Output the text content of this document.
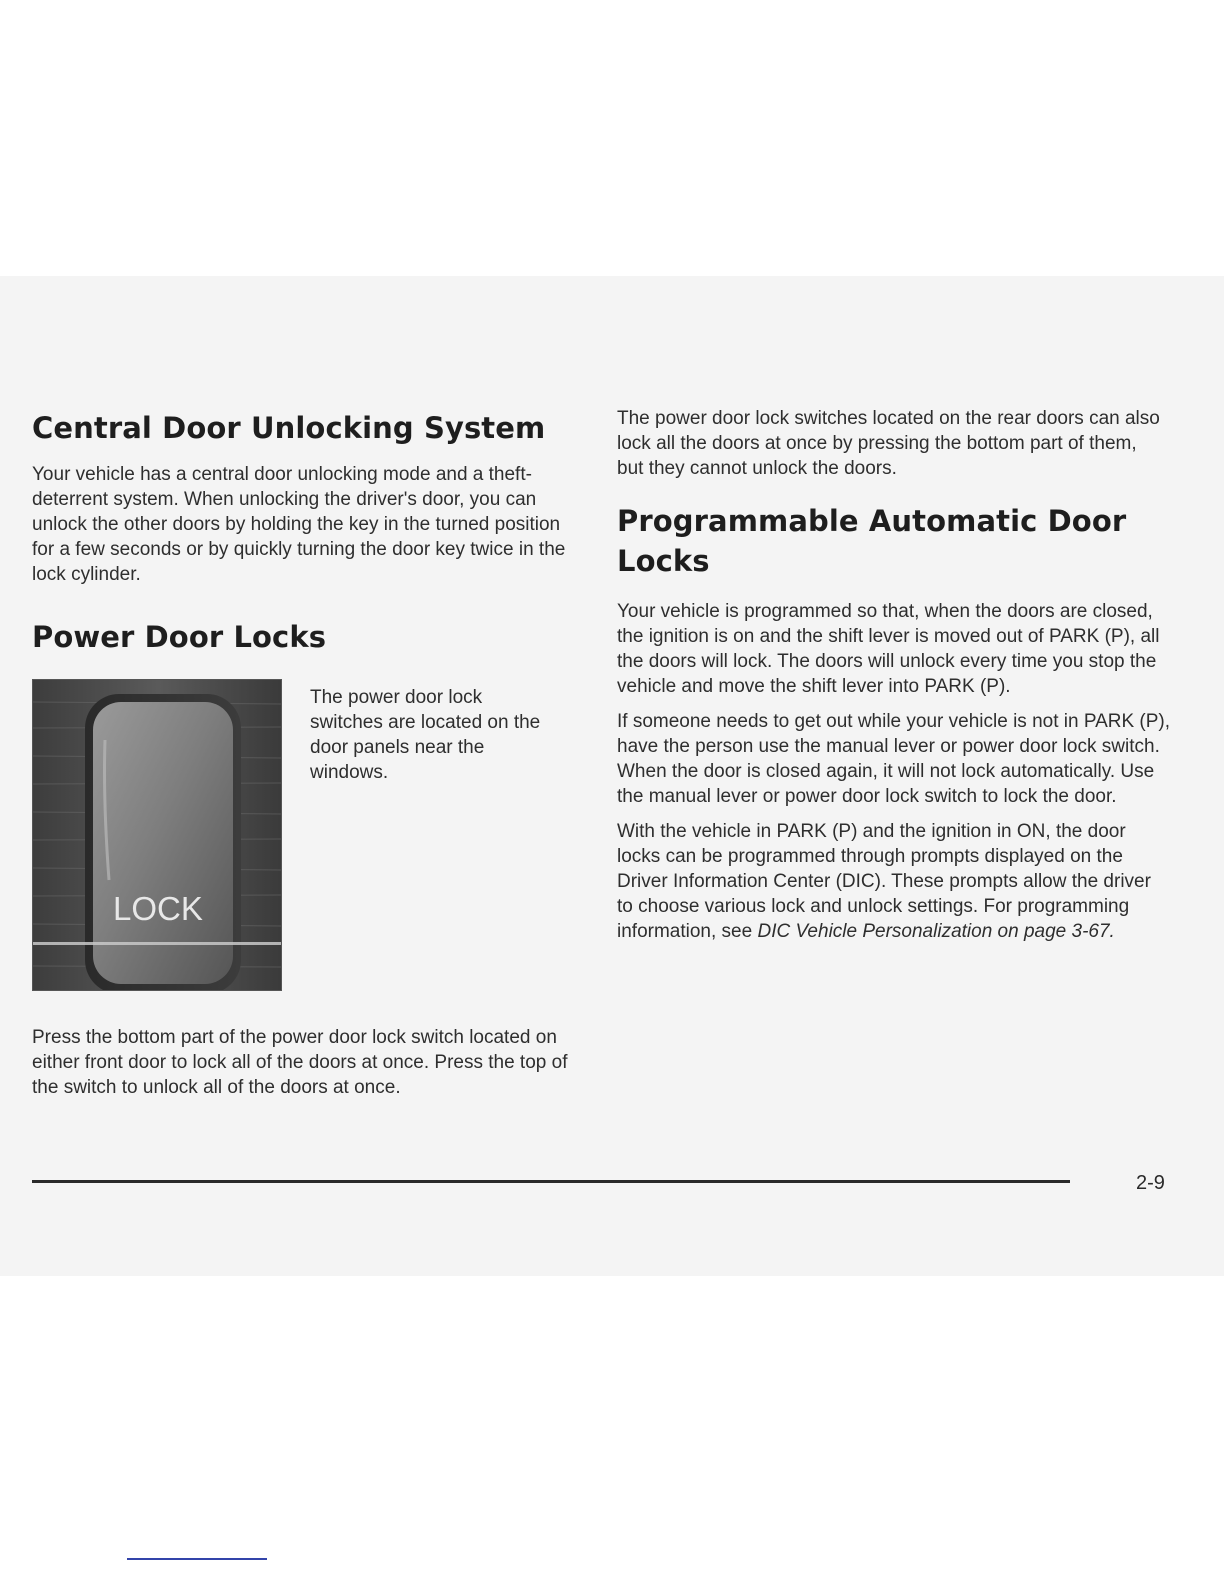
Central Door Unlocking System

Your vehicle has a central door unlocking mode and a theft-deterrent system. When unlocking the driver's door, you can unlock the other doors by holding the key in the turned position for a few seconds or by quickly turning the door key twice in the lock cylinder.

Power Door Locks
LOCK

The power door lock switches are located on the door panels near the windows.

Press the bottom part of the power door lock switch located on either front door to lock all of the doors at once. Press the top of the switch to unlock all of the doors at once.

The power door lock switches located on the rear doors can also lock all the doors at once by pressing the bottom part of them, but they cannot unlock the doors.

Programmable Automatic Door Locks

Your vehicle is programmed so that, when the doors are closed, the ignition is on and the shift lever is moved out of PARK (P), all the doors will lock. The doors will unlock every time you stop the vehicle and move the shift lever into PARK (P).

If someone needs to get out while your vehicle is not in PARK (P), have the person use the manual lever or power door lock switch. When the door is closed again, it will not lock automatically. Use the manual lever or power door lock switch to lock the door.

With the vehicle in PARK (P) and the ignition in ON, the door locks can be programmed through prompts displayed on the Driver Information Center (DIC). These prompts allow the driver to choose various lock and unlock settings. For programming information, see DIC Vehicle Personalization on page 3-67.

2-9
